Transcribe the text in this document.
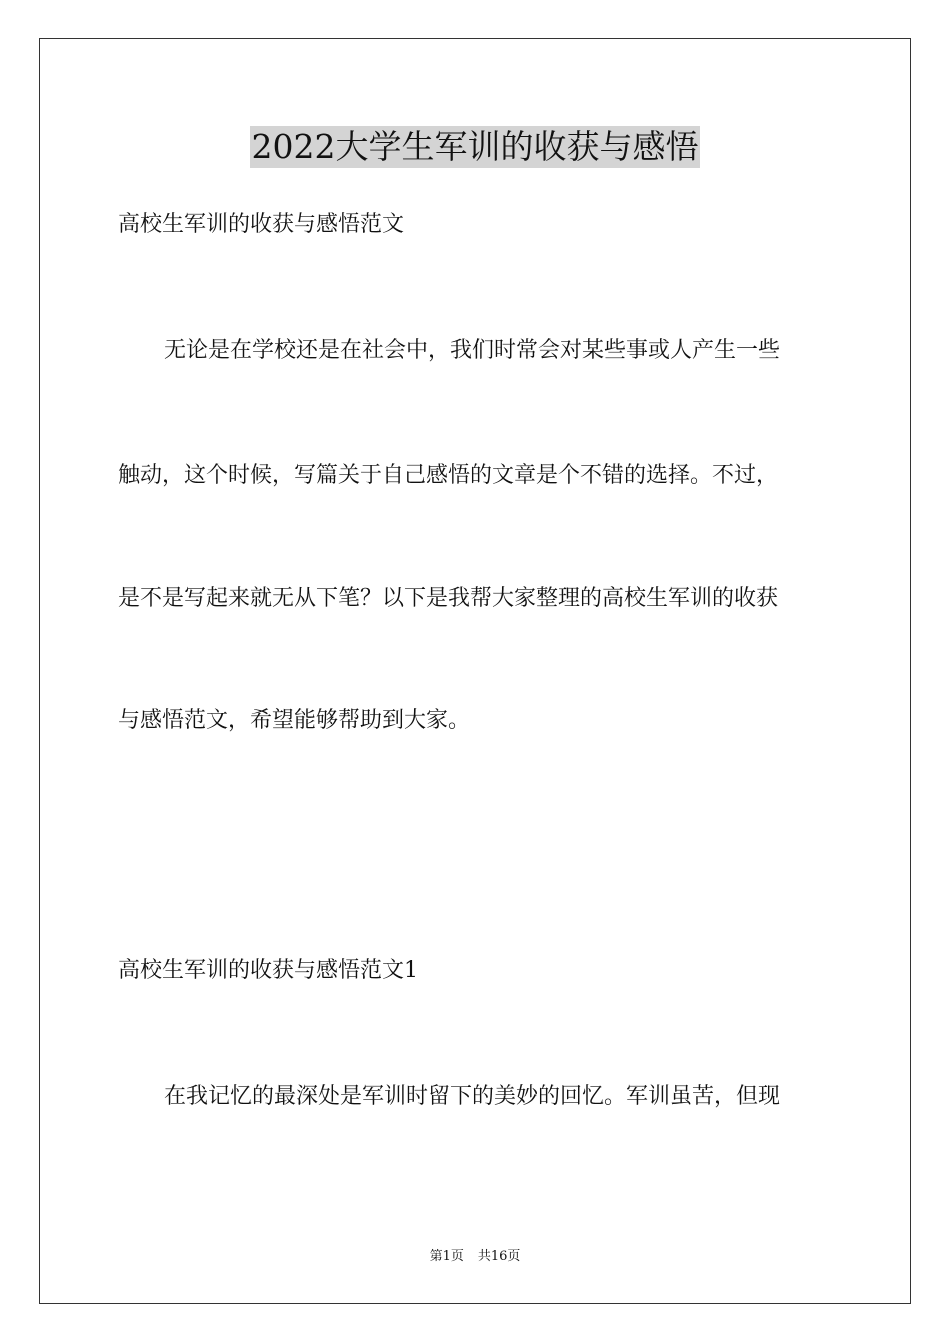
2022大学生军训的收获与感悟
高校生军训的收获与感悟范文
无论是在学校还是在社会中，我们时常会对某些事或人产生一些
触动，这个时候，写篇关于自己感悟的文章是个不错的选择。不过，
是不是写起来就无从下笔？以下是我帮大家整理的高校生军训的收获
与感悟范文，希望能够帮助到大家。
高校生军训的收获与感悟范文1
在我记忆的最深处是军训时留下的美妙的回忆。军训虽苦，但现
第1页 共16页
